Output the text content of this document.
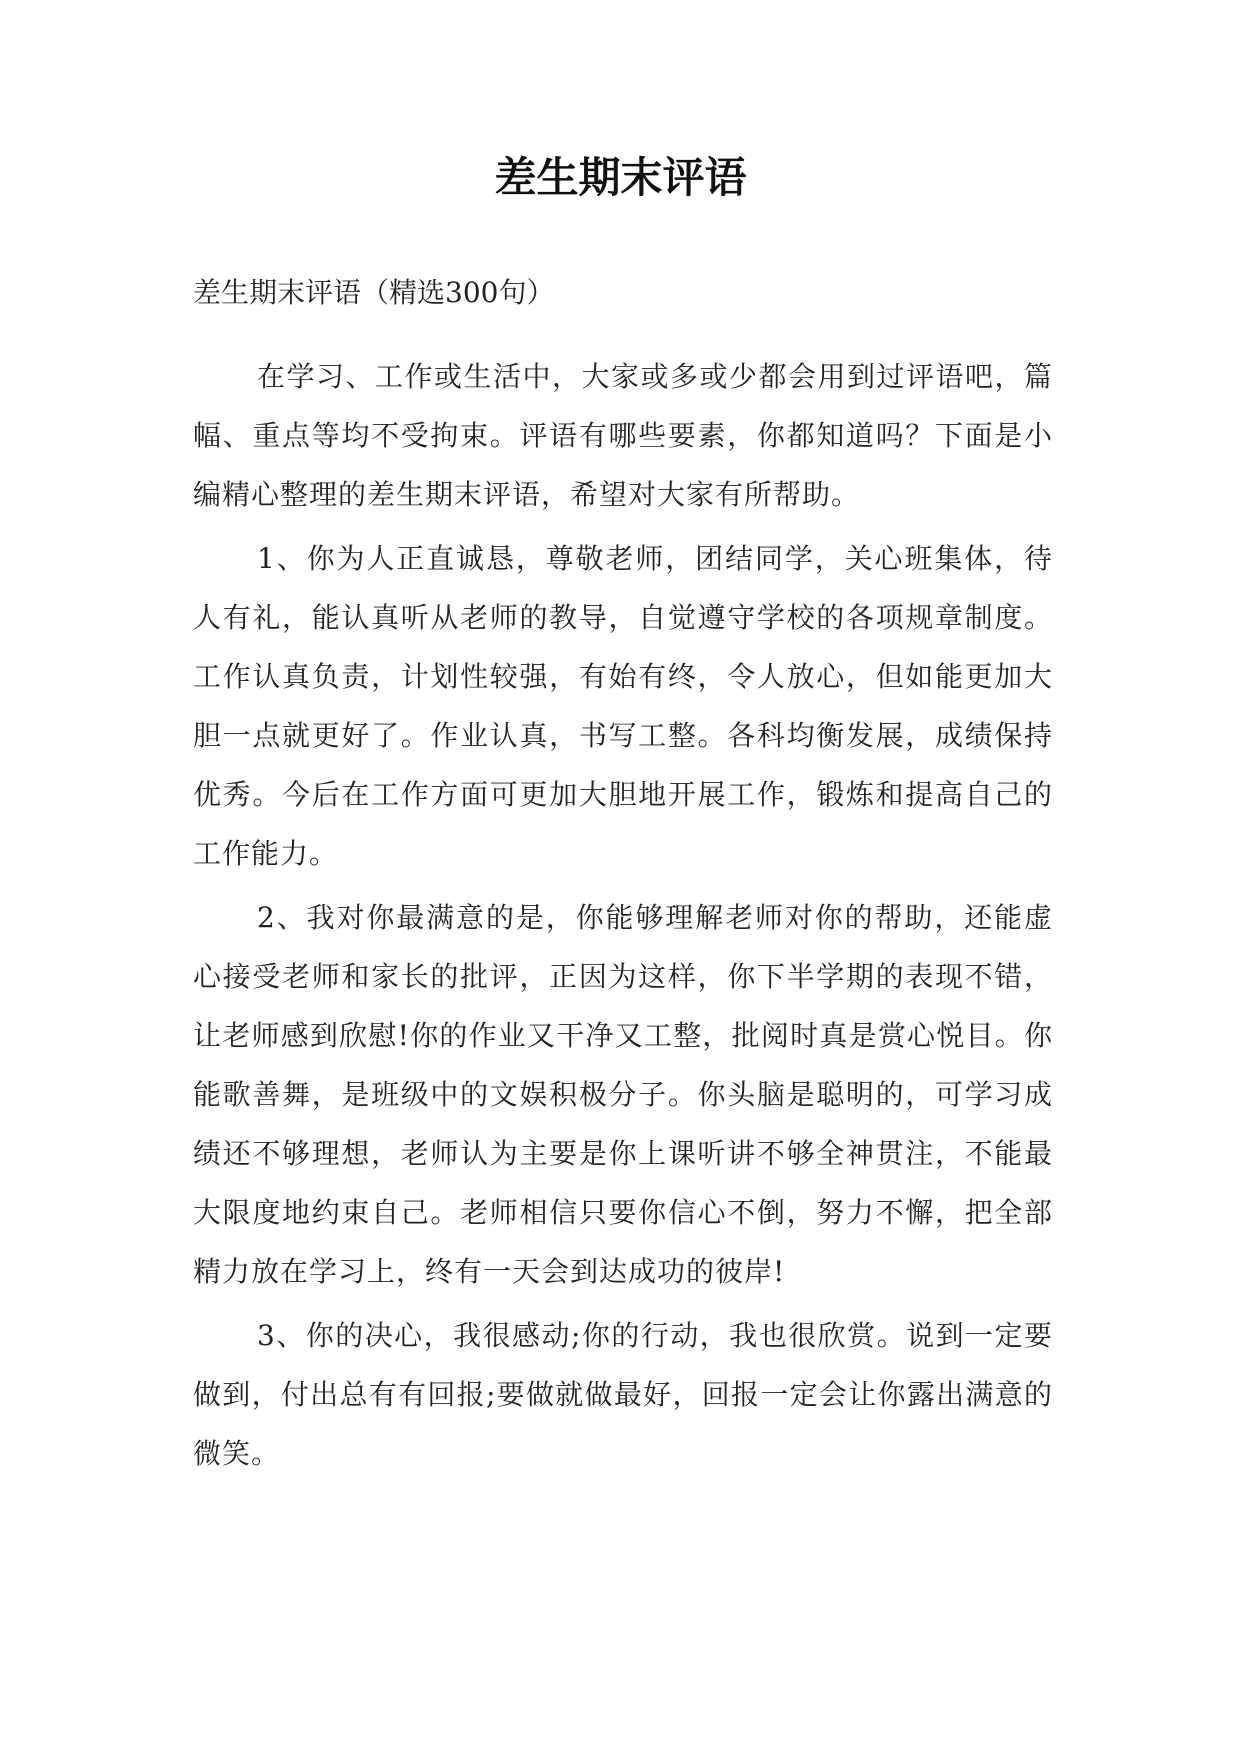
差生期末评语

差生期末评语（精选300句）

在学习、工作或生活中，大家或多或少都会用到过评语吧，篇幅、重点等均不受拘束。评语有哪些要素，你都知道吗？下面是小编精心整理的差生期末评语，希望对大家有所帮助。

1、你为人正直诚恳，尊敬老师，团结同学，关心班集体，待人有礼，能认真听从老师的教导，自觉遵守学校的各项规章制度。工作认真负责，计划性较强，有始有终，令人放心，但如能更加大胆一点就更好了。作业认真，书写工整。各科均衡发展，成绩保持优秀。今后在工作方面可更加大胆地开展工作，锻炼和提高自己的工作能力。

2、我对你最满意的是，你能够理解老师对你的帮助，还能虚心接受老师和家长的批评，正因为这样，你下半学期的表现不错，让老师感到欣慰!你的作业又干净又工整，批阅时真是赏心悦目。你能歌善舞，是班级中的文娱积极分子。你头脑是聪明的，可学习成绩还不够理想，老师认为主要是你上课听讲不够全神贯注，不能最大限度地约束自己。老师相信只要你信心不倒，努力不懈，把全部精力放在学习上，终有一天会到达成功的彼岸!

3、你的决心，我很感动;你的行动，我也很欣赏。说到一定要做到，付出总有有回报;要做就做最好，回报一定会让你露出满意的微笑。
